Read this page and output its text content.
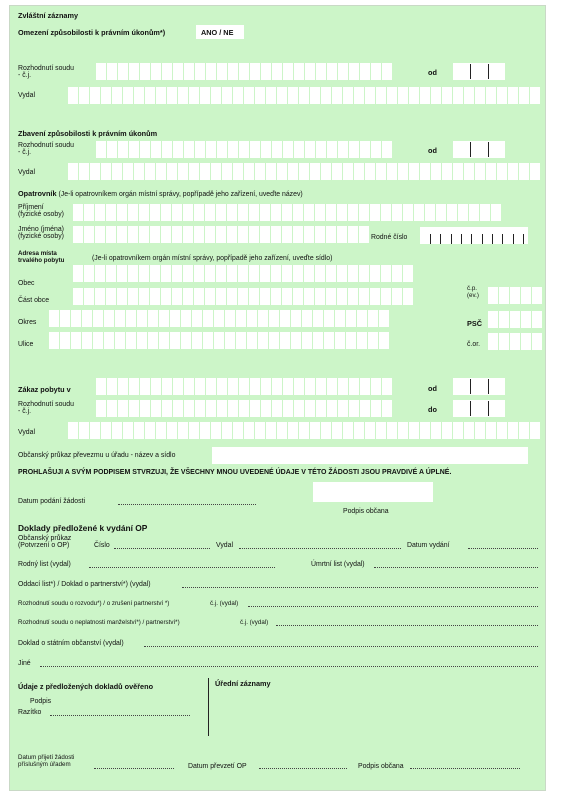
Zvláštní záznamy
Omezení způsobilosti k právním úkonům*)	ANO / NE
Rozhodnutí soudu
- č.j.	od
Vydal
Zbavení způsobilosti k právním úkonům
Rozhodnutí soudu
- č.j.	od
Vydal
Opatrovník (Je-li opatrovníkem orgán místní správy, popřípadě jeho zařízení, uveďte název)
Příjmení
(fyzické osoby)
Jméno (jména)
(fyzické osoby)	Rodné číslo
Adresa místa
trvalého pobytu	(Je-li opatrovníkem orgán místní správy, popřípadě jeho zařízení, uveďte sídlo)
Obec
Část obce
č.p.
(ev.)
Okres	PSČ
Ulice	č.or.
Zákaz pobytu v	od
Rozhodnutí soudu
- č.j.	do
Vydal
Občanský průkaz převezmu u úřadu - název a sídlo
PROHLAŠUJI A SVÝM PODPISEM STVRZUJI, ŽE VŠECHNY MNOU UVEDENÉ ÚDAJE V TÉTO ŽÁDOSTI JSOU PRAVDIVÉ A ÚPLNÉ.
Datum podání žádosti
Podpis občana
Doklady předložené k vydání OP
Občanský průkaz
(Potvrzení o OP)	Číslo	Vydal	Datum vydání
Rodný list (vydal)	Úmrtní list (vydal)
Oddací list*) / Doklad o partnerství*) (vydal)
Rozhodnutí soudu o rozvodu*) / o zrušení partnerství *)	č.j. (vydal)
Rozhodnutí soudu o neplatnosti manželství*) / partnerství*)	č.j. (vydal)
Doklad o státním občanství (vydal)
Jiné
Údaje z předložených dokladů ověřeno	Úřední záznamy
Podpis
Razítko
Datum přijetí žádosti
příslušným úřadem	Datum převzetí OP	Podpis občana
